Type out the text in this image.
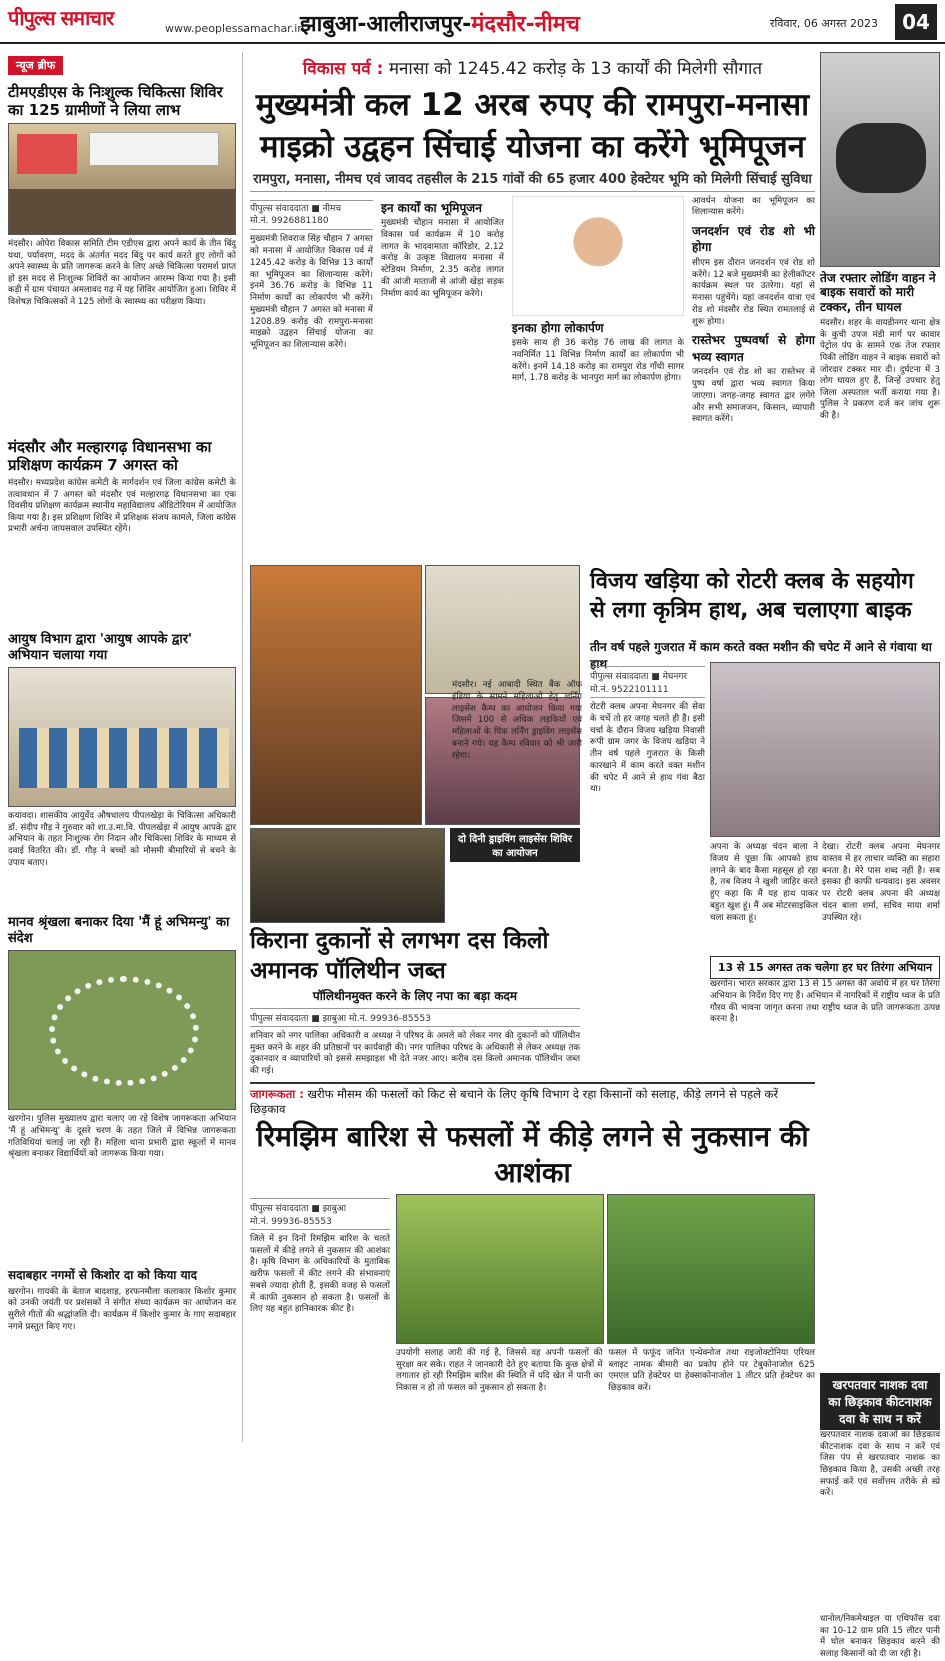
पीपुल्स समाचार	www.peoplessamachar.in
झाबुआ-आलीराजपुर-मंदसौर-नीमच	रविवार, 06 अगस्त 2023	04
न्यूज ब्रीफ
टीमएडीएस के निःशुल्क चिकित्सा शिविर का 125 ग्रामीणों ने लिया लाभ
मंदसौर। ओपेरा विकास समिति टीम एडीएस द्वारा अपने कार्य के तीन बिंदु यथा, पर्यावरण, मदद के अंतर्गत मदद बिंदु पर कार्य करते हुए लोगों को अपने स्वास्थ्य के प्रति जागरूक करने के लिए अच्छे चिकित्सा परामर्श प्राप्त हो इस मदद से निःशुल्क शिविरों का आयोजन आरम्भ किया गया है। इसी कड़ी में ग्राम पंचायत अमलावद गढ़ में यह शिविर आयोजित हुआ। शिविर में विशेषज्ञ चिकित्सकों ने 125 लोगों के स्वास्थ्य का परीक्षण किया।
मंदसौर और मल्हारगढ़ विधानसभा का प्रशिक्षण कार्यक्रम 7 अगस्त को
मंदसौर। मध्यप्रदेश कांग्रेस कमेटी के मार्गदर्शन एवं जिला कांग्रेस कमेटी के तत्वावधान में 7 अगस्त को मंदसौर एवं मल्हारगढ़ विधानसभा का एक दिवसीय प्रशिक्षण कार्यक्रम स्थानीय महाविद्यालय ऑडिटोरियम में आयोजित किया गया है। इस प्रशिक्षण शिविर में प्रशिक्षक संजय कामले, जिला कांग्रेस प्रभारी अर्चना जायसवाल उपस्थित रहेंगे।
आयुष विभाग द्वारा 'आयुष आपके द्वार' अभियान चलाया गया
कयावदा। शासकीय आयुर्वेद औषधालय पीपलखेड़ा के चिकित्सा अधिकारी डॉ. संदीप गौड़ ने गुरुवार को शा.उ.मा.वि. पीपलखेड़ा में आयुष आपके द्वार अभियान के तहत निःशुल्क रोग निदान और चिकित्सा शिविर के माध्यम से दवाई वितरित की। डॉ. गौड़ ने बच्चों को मौसमी बीमारियों से बचने के उपाय बताए।
मानव श्रृंखला बनाकर दिया 'मैं हूं अभिमन्यु' का संदेश
खरगोन। पुलिस मुख्यालय द्वारा चलाए जा रहे विशेष जागरूकता अभियान 'मैं हूं अभिमन्यु' के दूसरे चरण के तहत जिले में विभिन्न जागरूकता गतिविधियां चलाई जा रही हैं। महिला थाना प्रभारी द्वारा स्कूलों में मानव श्रृंखला बनाकर विद्यार्थियों को जागरूक किया गया।
सदाबहार नगमों से किशोर दा को किया याद
खरगोन। गायकी के बेताज बादशाह, हरफनमौला कलाकार किशोर कुमार को उनकी जयंती पर प्रशंसकों ने संगीत संध्या कार्यक्रम का आयोजन कर सुरीले गीतों की श्रद्धांजलि दी। कार्यक्रम में किशोर कुमार के गाए सदाबहार नगमे प्रस्तुत किए गए।
विकास पर्व : मनासा को 1245.42 करोड़ के 13 कार्यों की मिलेगी सौगात
मुख्यमंत्री कल 12 अरब रुपए की रामपुरा-मनासा माइक्रो उद्वहन सिंचाई योजना का करेंगे भूमिपूजन
रामपुरा, मनासा, नीमच एवं जावद तहसील के 215 गांवों की 65 हजार 400 हेक्टेयर भूमि को मिलेगी सिंचाई सुविधा
पीपुल्स संवाददाता ■ नीमच
मो.नं. 9926881180
मुख्यमंत्री शिवराज सिंह चौहान 7 अगस्त को मनासा में आयोजित विकास पर्व में 1245.42 करोड़ के विभिन्न 13 कार्यों का भूमिपूजन का शिलान्यास करेंगे। इनमें 36.76 करोड़ के विभिन्न 11 निर्माण कार्यों का लोकार्पण भी करेंगे। मुख्यमंत्री चौहान 7 अगस्त को मनासा में 1208.89 करोड़ की रामपुरा-मनासा माइक्रो उद्वहन सिंचाई योजना का भूमिपूजन का शिलान्यास करेंगे।
इन कार्यों का भूमिपूजन
मुख्यमंत्री चौहान मनासा में आयोजित विकास पर्व कार्यक्रम में 10 करोड़ लागत के भादवामाता कॉरिडोर, 2.12 करोड़ के उत्कृष्ट विद्यालय मनासा में स्टेडियम निर्माण, 2.35 करोड़ लागत की आंजी माताजी से आंजी खेड़ा सड़क निर्माण कार्य का भूमिपूजन करेंगे।
इनका होगा लोकार्पण
इसके साथ ही 36 करोड़ 76 लाख की लागत के नवनिर्मित 11 विभिन्न निर्माण कार्यों का लोकार्पण भी करेंगे। इनमें 14.18 करोड़ का रामपुरा रोड गाँधी सागर मार्ग, 1.78 करोड़ के भानपुरा मार्ग का लोकार्पण होगा।
आवर्धन योजना का भूमिपूजन का शिलान्यास करेंगे।
जनदर्शन एवं रोड शो भी होगा
सीएम इस दौरान जनदर्शन एवं रोड शो करेंगे। 12 बजे मुख्यमंत्री का हेलीकॉप्टर कार्यक्रम स्थल पर उतरेगा। यहां से मनासा पहुंचेंगे। यहां जनदर्शन यात्रा एवं रोड शो मंदसौर रोड स्थित रामतलाई से शुरू होगा।
रास्तेभर पुष्पवर्षा से होगा भव्य स्वागत
जनदर्शन एवं रोड शो का रास्तेभर में पुष्प वर्षा द्वारा भव्य स्वागत किया जाएगा। जगह-जगह स्वागत द्वार लगेंगे और सभी समाजजन, किसान, व्यापारी स्वागत करेंगे।
तेज रफ्तार लोडिंग वाहन ने बाइक सवारों को मारी टक्कर, तीन घायल
मंदसौर। शहर के वायडीनगर थाना क्षेत्र के कुची उपज मंडी मार्ग पर कावार पेट्रोल पंप के सामने एक तेज रफ्तार पिकी लोडिंग वाहन ने बाइक सवारों को जोरदार टक्कर मार दी। दुर्घटना में 3 लोग घायल हुए हैं, जिन्हें उपचार हेतु जिला अस्पताल भर्ती कराया गया है। पुलिस ने प्रकरण दर्ज कर जांच शुरू की है।
खरपतवार नाशक दवा का छिड़काव कीटनाशक दवा के साथ न करें
खरपतवार नाशक दवाओं का छिड़काव कीटनाशक दवा के साथ न करें एवं जिस पंप से खरपतवार नाशक का छिड़काव किया है, उसकी अच्छी तरह सफाई करें एवं सर्वोत्तम तरीके से स्प्रे करें।
धानोल/निकमेथाइल या एथिफॉस दवा का 10-12 ग्राम प्रति 15 लीटर पानी में घोल बनाकर छिड़काव करने की सलाह किसानों को दी जा रही है।
दो दिनी ड्राइविंग लाइसेंस शिविर का आयोजन
किराना दुकानों से लगभग दस किलो अमानक पॉलिथीन जब्त
पॉलिथीनमुक्त करने के लिए नपा का बड़ा कदम
पीपुल्स संवाददाता ■ झाबुआ मो.नं. 99936-85553
शनिवार को नगर पालिका अधिकारी व अध्यक्ष ने परिषद के अमले को लेकर नगर की दुकानों को पॉलिथीन मुक्त करने के शहर की प्रतिष्ठानों पर कार्यवाही की। नगर पालिका परिषद के अधिकारी से लेकर अध्यक्ष तक दुकानदार व व्यापारियों को इससे समझाइश भी देते नजर आए। करीब दस किलो अमानक पॉलिथीन जब्त की गई।
मंदसौर। नई आबादी स्थित बैंक ऑफ इंडिया के सामने महिलाओं हेतु लर्निंग लाइसेंस कैम्प का आयोजन किया गया जिसमें 100 से अधिक लड़कियों एवं महिलाओं के पिंक लर्निंग ड्राइविंग लाइसेंस बनाने गये। यह कैम्प रविवार को भी जारी रहेगा।
विजय खड़िया को रोटरी क्लब के सहयोग से लगा कृत्रिम हाथ, अब चलाएगा बाइक
तीन वर्ष पहले गुजरात में काम करते वक्त मशीन की चपेट में आने से गंवाया था हाथ
पीपुल्स संवाददाता ■ मेघनगर
मो.नं. 9522101111
रोटरी क्लब अपना मेघनगर की सेवा के चर्चे तो हर जगह चलते ही हैं। इसी चर्चा के दौरान विजय खड़िया निवासी रूपी ग्राम जगर के विजय खड़िया ने तीन वर्ष पहले गुजरात के किसी कारखाने में काम करते वक्त मशीन की चपेट में आने से हाथ गंवा बैठा था।
अपना के अध्यक्ष चंदन बाला ने विजय से पूछा कि आपको हाथ लगने के बाद कैसा महसूस हो रहा है, तब विजय ने खुशी जाहिर करते हुए कहा कि मैं यह हाथ पाकर बहुत खुश हूं। मैं अब मोटरसाइकिल चला सकता हूं।
देखा। रोटरी क्लब अपना मेघनगर वास्तव में हर लाचार व्यक्ति का सहारा बनता है। मेरे पास शब्द नहीं है। सब इसका ही काफी धन्यवाद। इस अवसर पर रोटरी क्लब अपना की अध्यक्ष चंदन बाला शर्मा, सचिव माया शर्मा उपस्थित रहे।
13 से 15 अगस्त तक चलेगा हर घर तिरंगा अभियान
खरगोन। भारत सरकार द्वारा 13 से 15 अगस्त की अवधि में हर घर तिरंगा अभियान के निर्देश दिए गए हैं। अभियान में नागरिकों में राष्ट्रीय ध्वज के प्रति गौरव की भावना जागृत करना तथा राष्ट्रीय ध्वज के प्रति जागरूकता उत्पन्न करना है।
जागरूकता : खरीफ मौसम की फसलों को किट से बचाने के लिए कृषि विभाग दे रहा किसानों को सलाह, कीड़े लगने से पहले करें छिड़काव
रिमझिम बारिश से फसलों में कीड़े लगने से नुकसान की आशंका
पीपुल्स संवाददाता ■ झाबुआ
मो.नं. 99936-85553
जिले में इन दिनों रिमझिम बारिश के चलते फसलों में कीड़े लगने से नुकसान की आशंका है। कृषि विभाग के अधिकारियों के मुताबिक खरीफ फसलों में कीट लगने की संभावनाएं सबसे ज्यादा होती हैं, इसकी वजह से फसलों में काफी नुकसान हो सकता है। फसलों के लिए यह बहुत हानिकारक कीट है।
उपयोगी सलाह जारी की गई है, जिससे वह अपनी फसलों की सुरक्षा कर सके। राहत ने जानकारी देते हुए बताया कि कुछ क्षेत्रों में लगातार हो रही रिमझिम बारिश की स्थिति में यदि खेत में पानी का निकास न हो तो फसल को नुकसान हो सकता है।
फसल में फफूंद जनित एन्थेक्नोज तथा राइजोक्टोनिया एरियल ब्लाइट नामक बीमारी का प्रकोप होने पर टेबुकोनाजोल 625 एमएल प्रति हेक्टेयर या हेक्साकोनाजोल 1 लीटर प्रति हेक्टेयर का छिड़काव करें।
